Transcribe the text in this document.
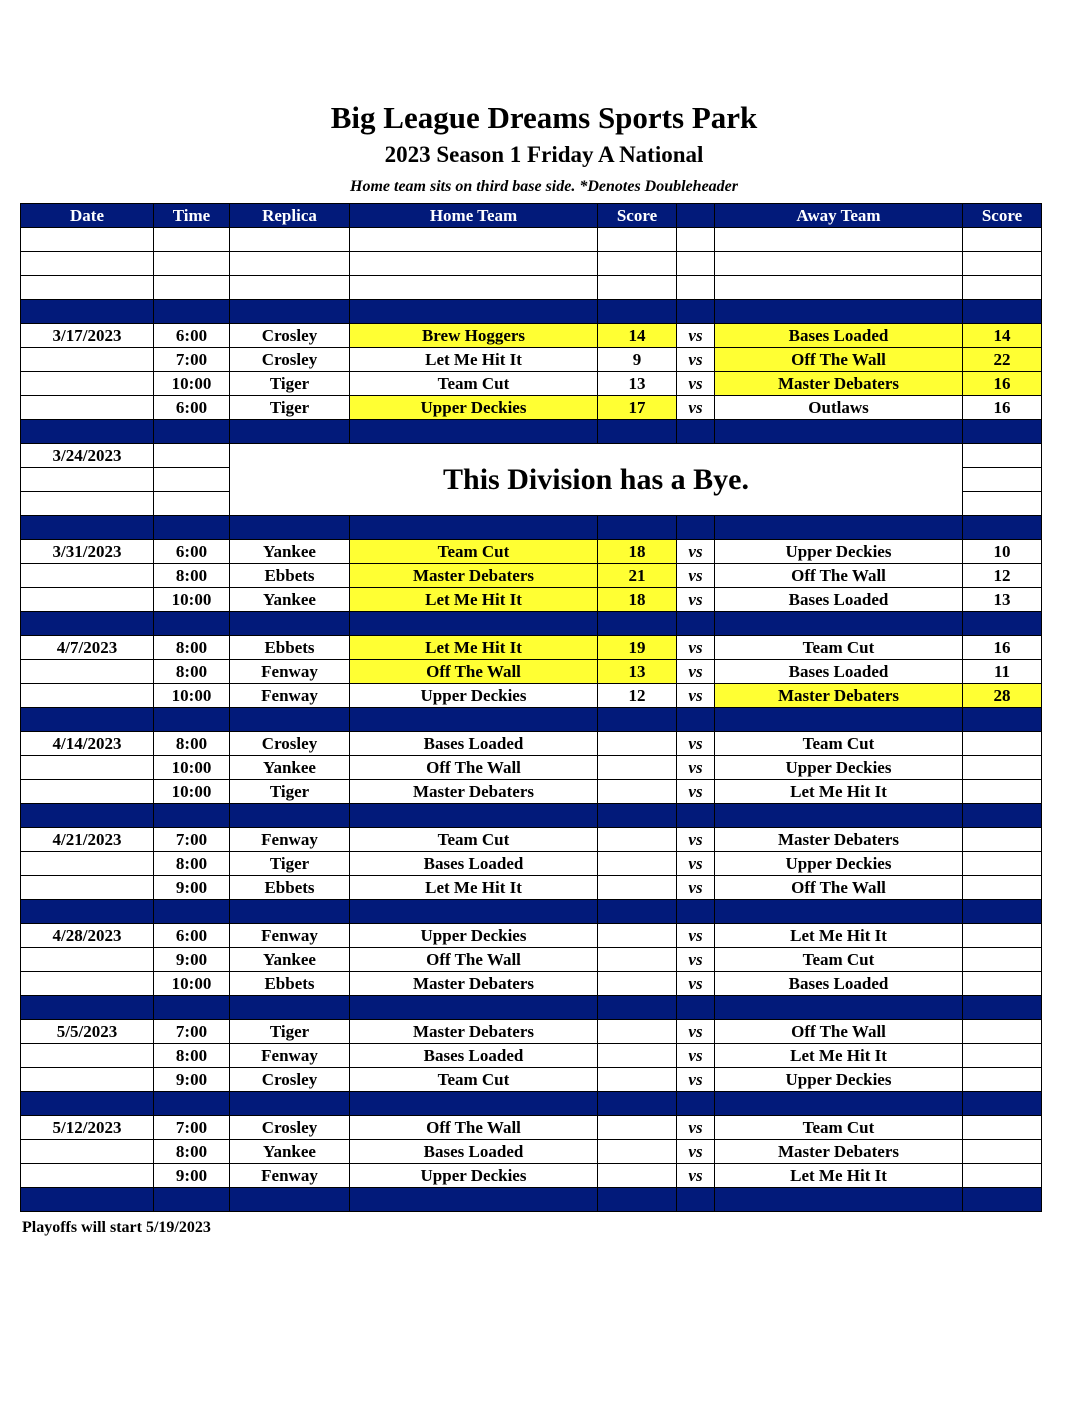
Big League Dreams Sports Park
2023 Season 1 Friday A National
Home team sits on third base side. *Denotes Doubleheader
Date	Time	Replica	Home Team	Score		Away Team	Score

3/17/2023	6:00	Crosley	Brew Hoggers	14	vs	Bases Loaded	14
	7:00	Crosley	Let Me Hit It	9	vs	Off The Wall	22
	10:00	Tiger	Team Cut	13	vs	Master Debaters	16
	6:00	Tiger	Upper Deckies	17	vs	Outlaws	16

3/24/2023		This Division has a Bye.					

3/31/2023	6:00	Yankee	Team Cut	18	vs	Upper Deckies	10
	8:00	Ebbets	Master Debaters	21	vs	Off The Wall	12
	10:00	Yankee	Let Me Hit It	18	vs	Bases Loaded	13

4/7/2023	8:00	Ebbets	Let Me Hit It	19	vs	Team Cut	16
	8:00	Fenway	Off The Wall	13	vs	Bases Loaded	11
	10:00	Fenway	Upper Deckies	12	vs	Master Debaters	28

4/14/2023	8:00	Crosley	Bases Loaded		vs	Team Cut	
	10:00	Yankee	Off The Wall		vs	Upper Deckies	
	10:00	Tiger	Master Debaters		vs	Let Me Hit It	

4/21/2023	7:00	Fenway	Team Cut		vs	Master Debaters	
	8:00	Tiger	Bases Loaded		vs	Upper Deckies	
	9:00	Ebbets	Let Me Hit It		vs	Off The Wall	

4/28/2023	6:00	Fenway	Upper Deckies		vs	Let Me Hit It	
	9:00	Yankee	Off The Wall		vs	Team Cut	
	10:00	Ebbets	Master Debaters		vs	Bases Loaded	

5/5/2023	7:00	Tiger	Master Debaters		vs	Off The Wall	
	8:00	Fenway	Bases Loaded		vs	Let Me Hit It	
	9:00	Crosley	Team Cut		vs	Upper Deckies	

5/12/2023	7:00	Crosley	Off The Wall		vs	Team Cut	
	8:00	Yankee	Bases Loaded		vs	Master Debaters	
	9:00	Fenway	Upper Deckies		vs	Let Me Hit It	

Playoffs will start 5/19/2023
